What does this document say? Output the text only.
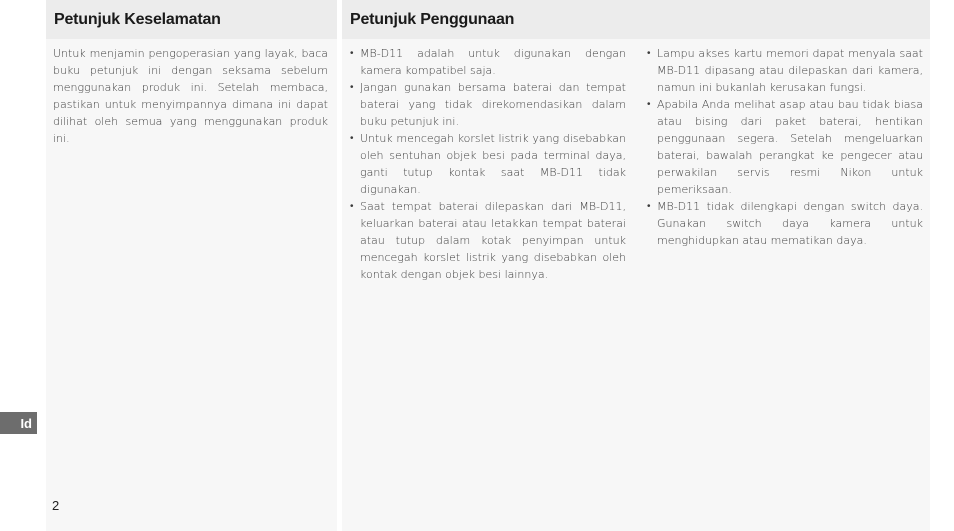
Petunjuk Keselamatan

Untuk menjamin pengoperasian yang layak, baca buku petunjuk ini dengan seksama sebelum menggunakan produk ini. Setelah membaca, pastikan untuk menyimpannya dimana ini dapat dilihat oleh semua yang menggunakan produk ini.

Petunjuk Penggunaan
• MB-D11 adalah untuk digunakan dengan kamera kompatibel saja.
• Jangan gunakan bersama baterai dan tempat baterai yang tidak direkomendasikan dalam buku petunjuk ini.
• Untuk mencegah korslet listrik yang disebabkan oleh sentuhan objek besi pada terminal daya, ganti tutup kontak saat MB-D11 tidak digunakan.
• Saat tempat baterai dilepaskan dari MB-D11, keluarkan baterai atau letakkan tempat baterai atau tutup dalam kotak penyimpan untuk mencegah korslet listrik yang disebabkan oleh kontak dengan objek besi lainnya.
• Lampu akses kartu memori dapat menyala saat MB-D11 dipasang atau dilepaskan dari kamera, namun ini bukanlah kerusakan fungsi.
• Apabila Anda melihat asap atau bau tidak biasa atau bising dari paket baterai, hentikan penggunaan segera. Setelah mengeluarkan baterai, bawalah perangkat ke pengecer atau perwakilan servis resmi Nikon untuk pemeriksaan.
• MB-D11 tidak dilengkapi dengan switch daya. Gunakan switch daya kamera untuk menghidupkan atau mematikan daya.
Id
2
